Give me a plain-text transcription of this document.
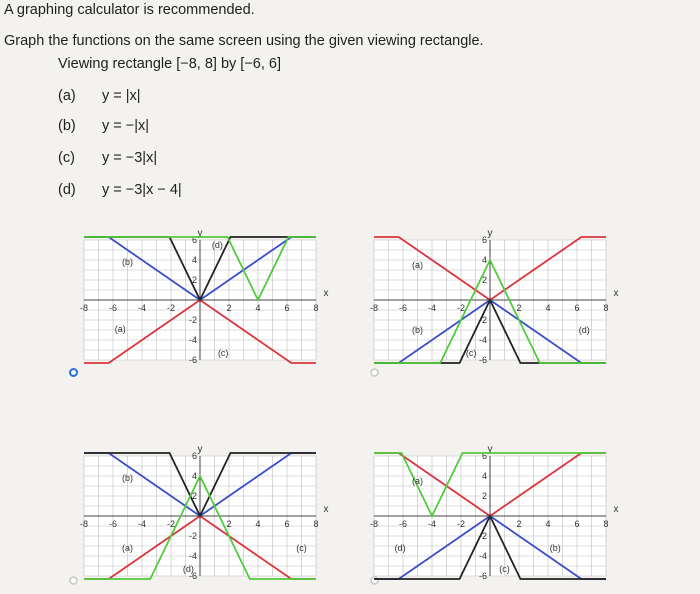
A graphing calculator is recommended.
Graph the functions on the same screen using the given viewing rectangle.
Viewing rectangle [−8, 8] by [−6, 6]
(a) y = |x|
(b) y = −|x|
(c) y = −3|x|
(d) y = −3|x − 4|
-8 -6 -4 -2	2	4	6	8
6
4
2
-2
-4
-6
x
y
(b)
(a)
(d)
(c)
-8 -6 -4 -2	2	4	6	8
6
4
2
-2
-4
-6
x
y
(a)
(b)
(c)
(d)
-8 -6 -4 -2	2	4	6	8
6
4
2
-2
-4
-6
x
y
(b)
(a)
(d)
(c)
-8 -6 -4 -2	2	4	6	8
6
4
2
-2
-4
-6
x
y
(a)
(d)	(b)
(c)
